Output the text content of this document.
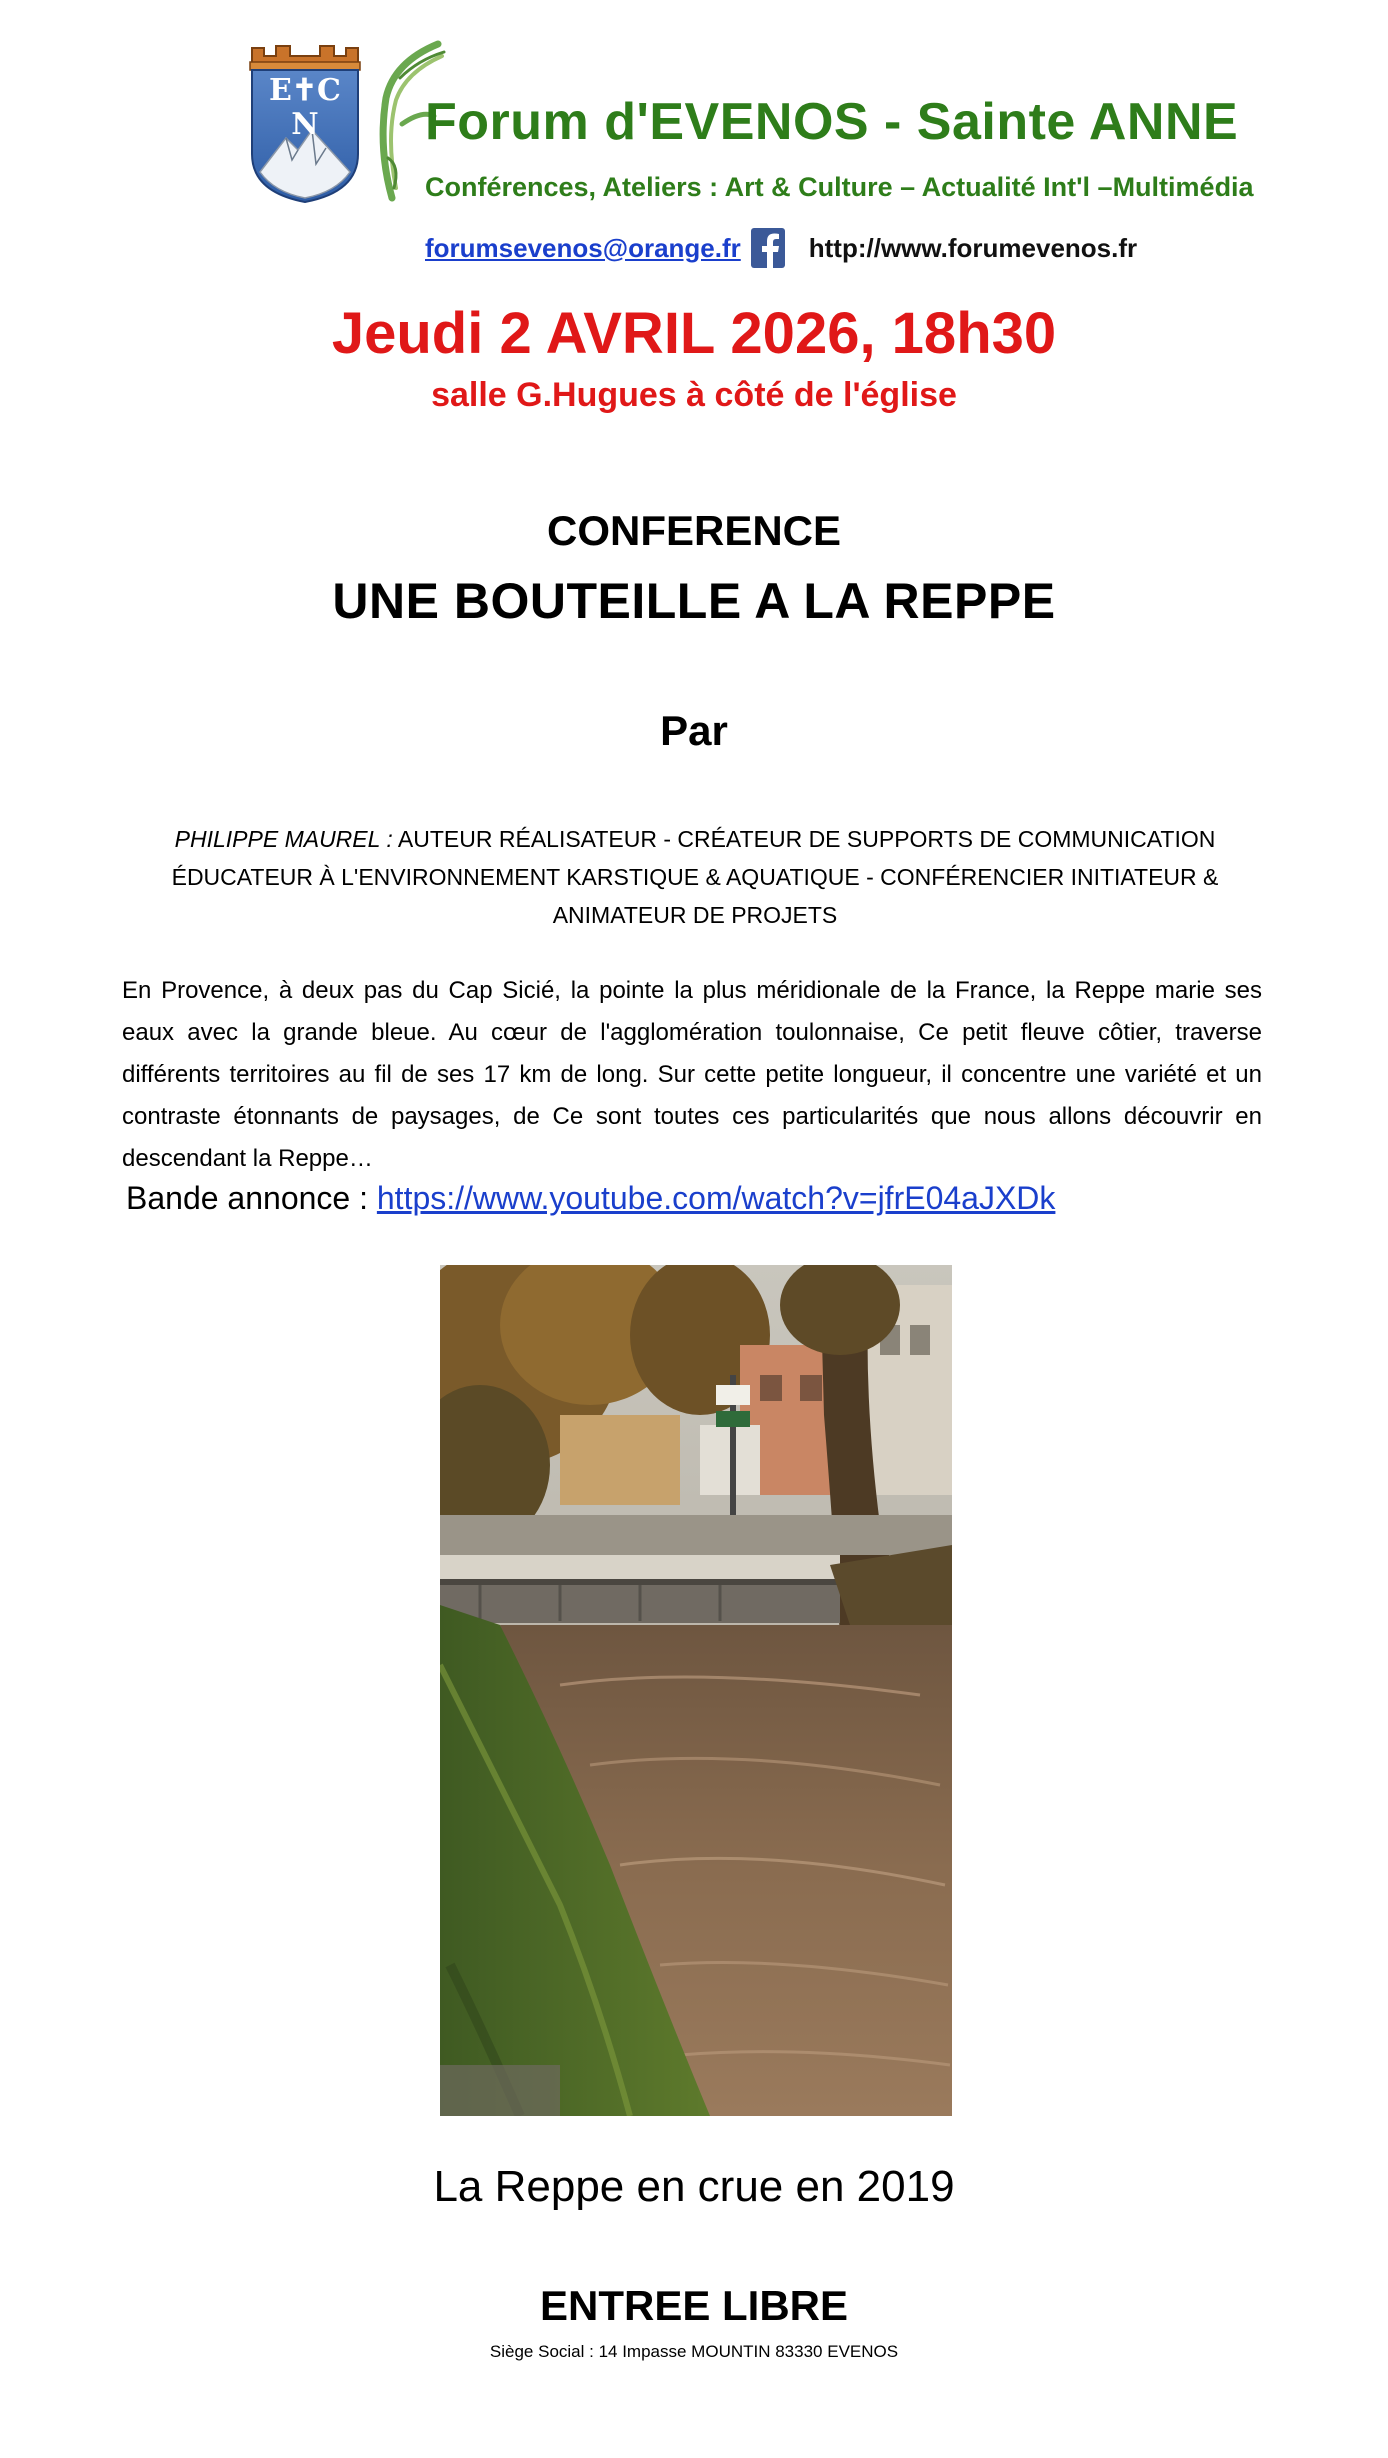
E✝C
N Forum d'EVENOS - Sainte ANNE
Conférences, Ateliers : Art & Culture – Actualité Int'l –Multimédia
forumsevenos@orange.fr	http://www.forumevenos.fr
Jeudi 2 AVRIL 2026, 18h30
salle G.Hugues à côté de l'église
CONFERENCE
UNE BOUTEILLE A LA REPPE
Par
PHILIPPE MAUREL : AUTEUR RÉALISATEUR - CRÉATEUR DE SUPPORTS DE COMMUNICATION ÉDUCATEUR À L'ENVIRONNEMENT KARSTIQUE & AQUATIQUE - CONFÉRENCIER INITIATEUR & ANIMATEUR DE PROJETS
En Provence, à deux pas du Cap Sicié, la pointe la plus méridionale de la France, la Reppe marie ses eaux avec la grande bleue. Au cœur de l'agglomération toulonnaise, Ce petit fleuve côtier, traverse différents territoires au fil de ses 17 km de long. Sur cette petite longueur, il concentre une variété et un contraste étonnants de paysages, de Ce sont toutes ces particularités que nous allons découvrir en descendant la Reppe…
Bande annonce : https://www.youtube.com/watch?v=jfrE04aJXDk
La Reppe en crue en 2019
ENTREE LIBRE
Siège Social : 14 Impasse MOUNTIN 83330 EVENOS
